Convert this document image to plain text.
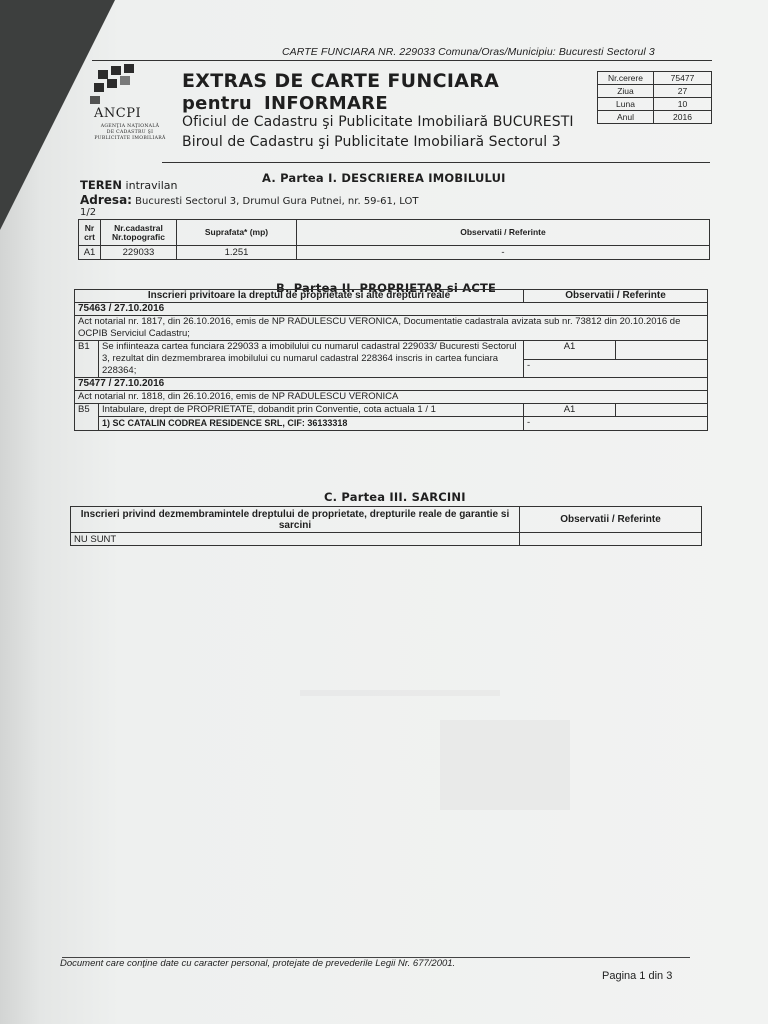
CARTE FUNCIARA NR. 229033 Comuna/Oras/Municipiu: Bucuresti Sectorul 3
ANCPI
AGENŢIA NAŢIONALĂ
DE CADASTRU ŞI
PUBLICITATE IMOBILIARĂ
EXTRAS DE CARTE FUNCIARA
pentru INFORMARE
Oficiul de Cadastru şi Publicitate Imobiliară BUCURESTI
Biroul de Cadastru şi Publicitate Imobiliară Sectorul 3
Nr.cerere	75477
Ziua	27
Luna	10
Anul	2016
A. Partea I. DESCRIEREA IMOBILULUI
TEREN intravilan
Adresa: Bucuresti Sectorul 3, Drumul Gura Putnei, nr. 59-61, LOT
1/2
Nr crt	Nr.cadastral Nr.topografic	Suprafata* (mp)	Observatii / Referinte
A1	229033	1.251	-
B. Partea II. PROPRIETAR si ACTE
Inscrieri privitoare la dreptul de proprietate si alte drepturi reale		Observatii / Referinte	
75463 / 27.10.2016			
Act notarial nr. 1817, din 26.10.2016, emis de NP RADULESCU VERONICA, Documentatie cadastrala avizata sub nr. 73812 din 20.10.2016 de OCPIB Serviciul Cadastru;			
B1	Se infiinteaza cartea funciara 229033 a imobilului cu numarul cadastral 229033/ Bucuresti Sectorul 3, rezultat din dezmembrarea imobilului cu numarul cadastral 228364 inscris in cartea funciara 228364;	A1	
		-	
75477 / 27.10.2016			
Act notarial nr. 1818, din 26.10.2016, emis de NP RADULESCU VERONICA			
B5	Intabulare, drept de PROPRIETATE, dobandit prin Conventie, cota actuala 1 / 1	A1	
	1) SC CATALIN CODREA RESIDENCE SRL, CIF: 36133318	-	
C. Partea III. SARCINI
Inscrieri privind dezmembramintele dreptului de proprietate, drepturile reale de garantie si sarcini	Observatii / Referinte
NU SUNT	
Document care conţine date cu caracter personal, protejate de prevederile Legii Nr. 677/2001.
Pagina 1 din 3
